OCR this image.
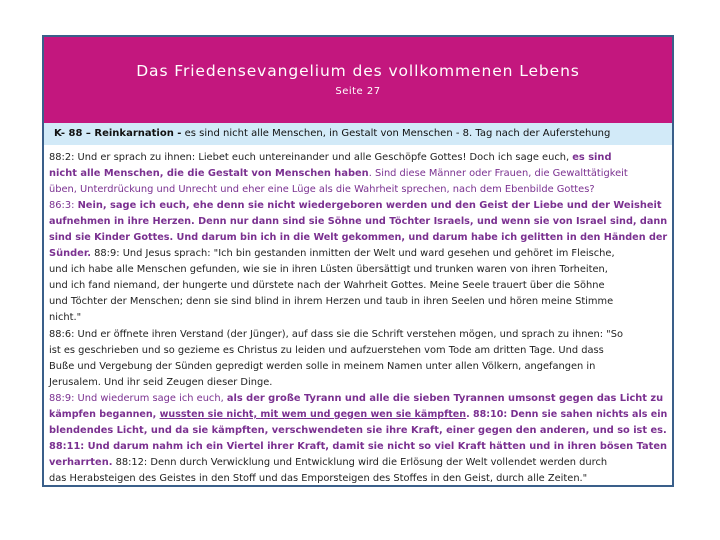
Das Friedensevangelium des vollkommenen Lebens
Seite 27
K- 88 – Reinkarnation - es sind nicht alle Menschen, in Gestalt von Menschen - 8. Tag nach der Auferstehung
88:2: Und er sprach zu ihnen: Liebet euch untereinander und alle Geschöpfe Gottes! Doch ich sage euch, es sind
nicht alle Menschen, die die Gestalt von Menschen haben. Sind diese Männer oder Frauen, die Gewalttätigkeit
üben, Unterdrückung und Unrecht und eher eine Lüge als die Wahrheit sprechen, nach dem Ebenbilde Gottes?
86:3: Nein, sage ich euch, ehe denn sie nicht wiedergeboren werden und den Geist der Liebe und der Weisheit
aufnehmen in ihre Herzen. Denn nur dann sind sie Söhne und Töchter Israels, und wenn sie von Israel sind, dann
sind sie Kinder Gottes. Und darum bin ich in die Welt gekommen, und darum habe ich gelitten in den Händen der
Sünder. 88:9: Und Jesus sprach: "Ich bin gestanden inmitten der Welt und ward gesehen und gehöret im Fleische,
und ich habe alle Menschen gefunden, wie sie in ihren Lüsten übersättigt und trunken waren von ihren Torheiten,
und ich fand niemand, der hungerte und dürstete nach der Wahrheit Gottes. Meine Seele trauert über die Söhne
und Töchter der Menschen; denn sie sind blind in ihrem Herzen und taub in ihren Seelen und hören meine Stimme
nicht."
88:6: Und er öffnete ihren Verstand (der Jünger), auf dass sie die Schrift verstehen mögen, und sprach zu ihnen: "So
ist es geschrieben und so gezieme es Christus zu leiden und aufzuerstehen vom Tode am dritten Tage. Und dass
Buße und Vergebung der Sünden gepredigt werden solle in meinem Namen unter allen Völkern, angefangen in
Jerusalem. Und ihr seid Zeugen dieser Dinge.
88:9: Und wiederum sage ich euch, als der große Tyrann und alle die sieben Tyrannen umsonst gegen das Licht zu
kämpfen begannen, wussten sie nicht, mit wem und gegen wen sie kämpften. 88:10: Denn sie sahen nichts als ein
blendendes Licht, und da sie kämpften, verschwendeten sie ihre Kraft, einer gegen den anderen, und so ist es.
88:11: Und darum nahm ich ein Viertel ihrer Kraft, damit sie nicht so viel Kraft hätten und in ihren bösen Taten
verharrten. 88:12: Denn durch Verwicklung und Entwicklung wird die Erlösung der Welt vollendet werden durch
das Herabsteigen des Geistes in den Stoff und das Emporsteigen des Stoffes in den Geist, durch alle Zeiten."
